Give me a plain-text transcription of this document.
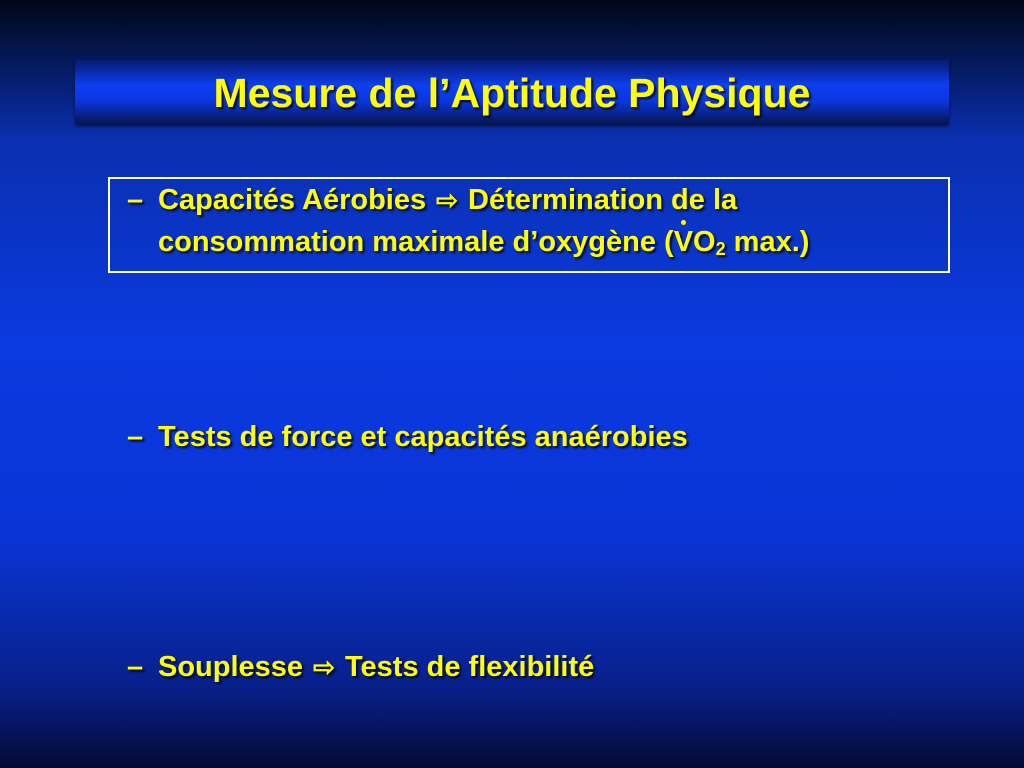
Mesure de l’Aptitude Physique
– Capacités Aérobies ⇨ Détermination de la
consommation maximale d’oxygène ($VO_2$ max.)
– Tests de force et capacités anaérobies
– Souplesse ⇨ Tests de flexibilité
